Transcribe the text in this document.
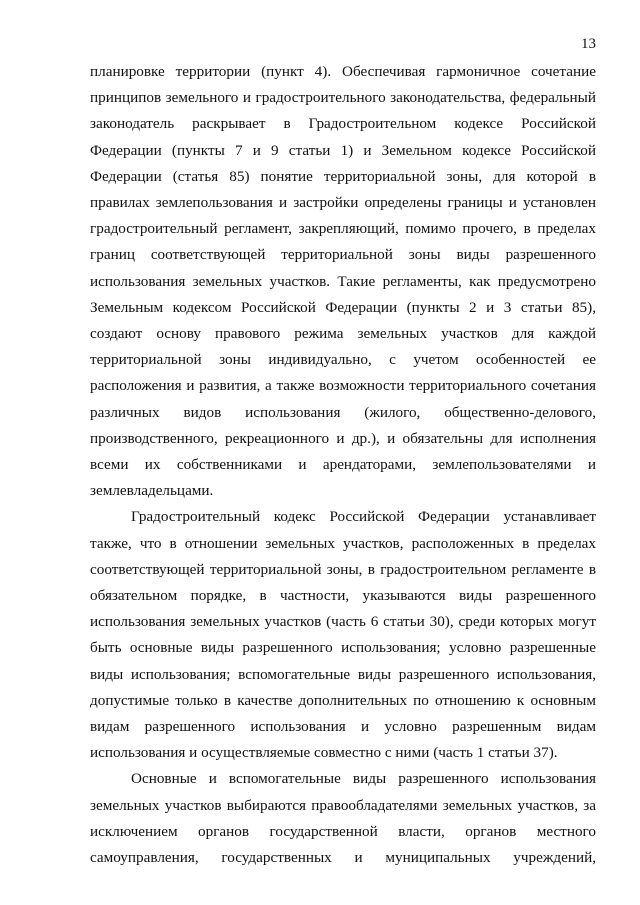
13

планировке территории (пункт 4). Обеспечивая гармоничное сочетание
принципов земельного и градостроительного законодательства, федеральный
законодатель раскрывает в Градостроительном кодексе Российской
Федерации (пункты 7 и 9 статьи 1) и Земельном кодексе Российской
Федерации (статья 85) понятие территориальной зоны, для которой в
правилах землепользования и застройки определены границы и установлен
градостроительный регламент, закрепляющий, помимо прочего, в пределах
границ соответствующей территориальной зоны виды разрешенного
использования земельных участков. Такие регламенты, как предусмотрено
Земельным кодексом Российской Федерации (пункты 2 и 3 статьи 85),
создают основу правового режима земельных участков для каждой
территориальной зоны индивидуально, с учетом особенностей ее
расположения и развития, а также возможности территориального сочетания
различных видов использования (жилого, общественно-делового,
производственного, рекреационного и др.), и обязательны для исполнения
всеми их собственниками и арендаторами, землепользователями и
землевладельцами.

Градостроительный кодекс Российской Федерации устанавливает
также, что в отношении земельных участков, расположенных в пределах
соответствующей территориальной зоны, в градостроительном регламенте в
обязательном порядке, в частности, указываются виды разрешенного
использования земельных участков (часть 6 статьи 30), среди которых могут
быть основные виды разрешенного использования; условно разрешенные
виды использования; вспомогательные виды разрешенного использования,
допустимые только в качестве дополнительных по отношению к основным
видам разрешенного использования и условно разрешенным видам
использования и осуществляемые совместно с ними (часть 1 статьи 37).

Основные и вспомогательные виды разрешенного использования
земельных участков выбираются правообладателями земельных участков, за
исключением органов государственной власти, органов местного
самоуправления, государственных и муниципальных учреждений,
